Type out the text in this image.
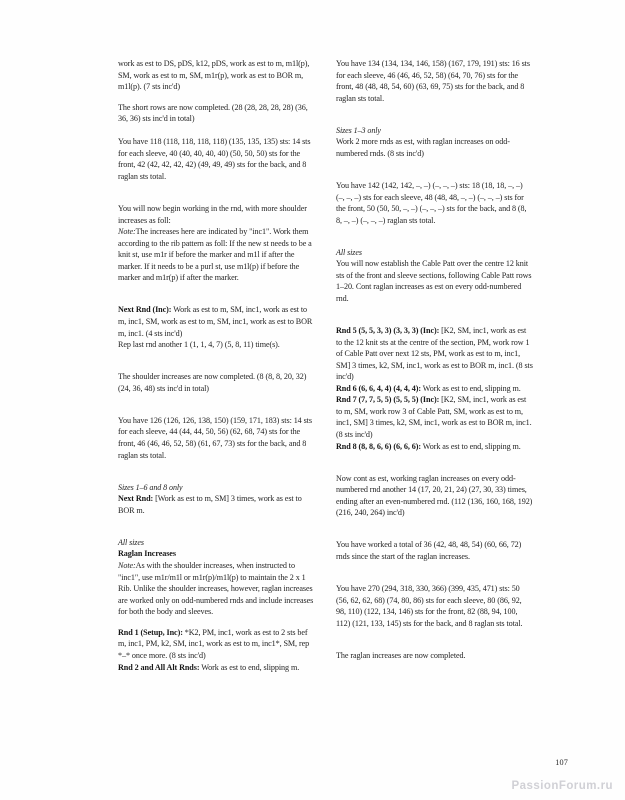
work as est to DS, pDS, k12, pDS, work as est to m, m1l(p), SM, work as est to m, SM, m1r(p), work as est to BOR m, m1l(p). (7 sts inc'd)

The short rows are now completed. (28 (28, 28, 28, 28) (36, 36, 36) sts inc'd in total)

You have 118 (118, 118, 118, 118) (135, 135, 135) sts: 14 sts for each sleeve, 40 (40, 40, 40, 40) (50, 50, 50) sts for the front, 42 (42, 42, 42, 42) (49, 49, 49) sts for the back, and 8 raglan sts total.

You will now begin working in the rnd, with more shoulder increases as foll:

Note:The increases here are indicated by "inc1". Work them according to the rib pattern as foll: If the new st needs to be a knit st, use m1r if before the marker and m1l if after the marker. If it needs to be a purl st, use m1l(p) if before the marker and m1r(p) if after the marker.

Next Rnd (Inc): Work as est to m, SM, inc1, work as est to m, inc1, SM, work as est to m, SM, inc1, work as est to BOR m, inc1. (4 sts inc'd)

Rep last rnd another 1 (1, 1, 4, 7) (5, 8, 11) time(s).

The shoulder increases are now completed. (8 (8, 8, 20, 32) (24, 36, 48) sts inc'd in total)

You have 126 (126, 126, 138, 150) (159, 171, 183) sts: 14 sts for each sleeve, 44 (44, 44, 50, 56) (62, 68, 74) sts for the front, 46 (46, 46, 52, 58) (61, 67, 73) sts for the back, and 8 raglan sts total.

Sizes 1–6 and 8 only

Next Rnd: [Work as est to m, SM] 3 times, work as est to BOR m.

All sizes

Raglan Increases

Note:As with the shoulder increases, when instructed to "inc1", use m1r/m1l or m1r(p)/m1l(p) to maintain the 2 x 1 Rib. Unlike the shoulder increases, however, raglan increases are worked only on odd-numbered rnds and include increases for both the body and sleeves.

Rnd 1 (Setup, Inc): *K2, PM, inc1, work as est to 2 sts bef m, inc1, PM, k2, SM, inc1, work as est to m, inc1*, SM, rep *–* once more. (8 sts inc'd)

Rnd 2 and All Alt Rnds: Work as est to end, slipping m.

You have 134 (134, 134, 146, 158) (167, 179, 191) sts: 16 sts for each sleeve, 46 (46, 46, 52, 58) (64, 70, 76) sts for the front, 48 (48, 48, 54, 60) (63, 69, 75) sts for the back, and 8 raglan sts total.

Sizes 1–3 only

Work 2 more rnds as est, with raglan increases on odd-numbered rnds. (8 sts inc'd)

You have 142 (142, 142, –, –) (–, –, –) sts: 18 (18, 18, –, –) (–, –, –) sts for each sleeve, 48 (48, 48, –, –) (–, –, –) sts for the front, 50 (50, 50, –, –) (–, –, –) sts for the back, and 8 (8, 8, –, –) (–, –, –) raglan sts total.

All sizes

You will now establish the Cable Patt over the centre 12 knit sts of the front and sleeve sections, following Cable Patt rows 1–20. Cont raglan increases as est on every odd-numbered rnd.

Rnd 5 (5, 5, 3, 3) (3, 3, 3) (Inc): [K2, SM, inc1, work as est to the 12 knit sts at the centre of the section, PM, work row 1 of Cable Patt over next 12 sts, PM, work as est to m, inc1, SM] 3 times, k2, SM, inc1, work as est to BOR m, inc1. (8 sts inc'd)

Rnd 6 (6, 6, 4, 4) (4, 4, 4): Work as est to end, slipping m.

Rnd 7 (7, 7, 5, 5) (5, 5, 5) (Inc): [K2, SM, inc1, work as est to m, SM, work row 3 of Cable Patt, SM, work as est to m, inc1, SM] 3 times, k2, SM, inc1, work as est to BOR m, inc1. (8 sts inc'd)

Rnd 8 (8, 8, 6, 6) (6, 6, 6): Work as est to end, slipping m.

Now cont as est, working raglan increases on every odd-numbered rnd another 14 (17, 20, 21, 24) (27, 30, 33) times, ending after an even-numbered rnd. (112 (136, 160, 168, 192) (216, 240, 264) inc'd)

You have worked a total of 36 (42, 48, 48, 54) (60, 66, 72) rnds since the start of the raglan increases.

You have 270 (294, 318, 330, 366) (399, 435, 471) sts: 50 (56, 62, 62, 68) (74, 80, 86) sts for each sleeve, 80 (86, 92, 98, 110) (122, 134, 146) sts for the front, 82 (88, 94, 100, 112) (121, 133, 145) sts for the back, and 8 raglan sts total.

The raglan increases are now completed.

107
PassionForum.ru
